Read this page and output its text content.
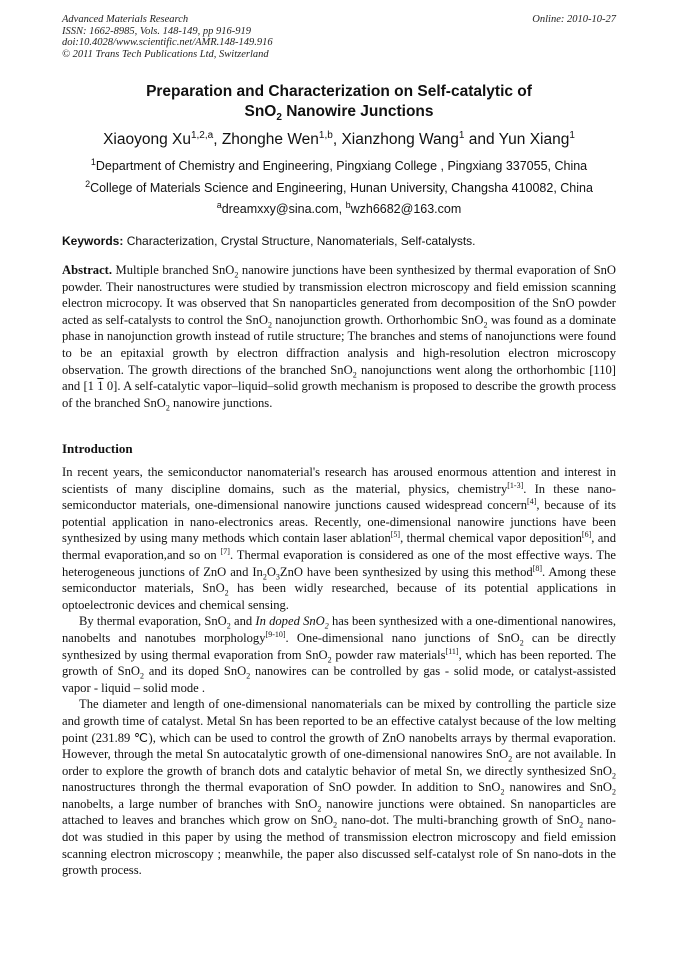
Advanced Materials Research
ISSN: 1662-8985, Vols. 148-149, pp 916-919
doi:10.4028/www.scientific.net/AMR.148-149.916
© 2011 Trans Tech Publications Ltd, Switzerland
Online: 2010-10-27
Preparation and Characterization on Self-catalytic of
SnO$_2$ Nanowire Junctions
Xiaoyong Xu$^{1,2,a}$, Zhonghe Wen$^{1,b}$, Xianzhong Wang$^1$ and Yun Xiang$^1$
$^1$Department of Chemistry and Engineering, Pingxiang College , Pingxiang 337055, China
$^2$College of Materials Science and Engineering, Hunan University, Changsha 410082, China
$^a$dreamxxy@sina.com, $^b$wzh6682@163.com
Keywords: Characterization, Crystal Structure, Nanomaterials, Self-catalysts.

Abstract. Multiple branched SnO$_2$ nanowire junctions have been synthesized by thermal evaporation of SnO powder. Their nanostructures were studied by transmission electron microscopy and field emission scanning electron microcopy. It was observed that Sn nanoparticles generated from decomposition of the SnO powder acted as self-catalysts to control the SnO$_2$ nanojunction growth. Orthorhombic SnO$_2$ was found as a dominate phase in nanojunction growth instead of rutile structure; The branches and stems of nanojunctions were found to be an epitaxial growth by electron diffraction analysis and high-resolution electron microscopy observation. The growth directions of the branched SnO$_2$ nanojunctions went along the orthorhombic [110] and [1 1 0]. A self-catalytic vapor–liquid–solid growth mechanism is proposed to describe the growth process of the branched SnO$_2$ nanowire junctions.

Introduction

In recent years, the semiconductor nanomaterial's research has aroused enormous attention and interest in scientists of many discipline domains, such as the material, physics, chemistry[1-3]. In these nano-semiconductor materials, one-dimensional nanowire junctions caused widespread concern[4], because of its potential application in nano-electronics areas. Recently, one-dimensional nanowire junctions have been synthesized by using many methods which contain laser ablation[5], thermal chemical vapor deposition[6], and thermal evaporation,and so on [7]. Thermal evaporation is considered as one of the most effective ways. The heterogeneous junctions of ZnO and $In_2O_3ZnO$ have been synthesized by using this method[8]. Among these semiconductor materials, SnO$_2$ has been widly researched, because of its potential applications in optoelectronic devices and chemical sensing.

By thermal evaporation, SnO$_2$ and In doped SnO$_2$ has been synthesized with a one-dimentional nanowires, nanobelts and nanotubes morphology[9-10]. One-dimensional nano junctions of SnO$_2$ can be directly synthesized by using thermal evaporation from SnO$_2$ powder raw materials[11], which has been reported. The growth of SnO$_2$ and its doped SnO$_2$ nanowires can be controlled by gas - solid mode, or catalyst-assisted vapor - liquid – solid mode .

The diameter and length of one-dimensional nanomaterials can be mixed by controlling the particle size and growth time of catalyst. Metal Sn has been reported to be an effective catalyst because of the low melting point (231.89 ℃), which can be used to control the growth of ZnO nanobelts arrays by thermal evaporation. However, through the metal Sn autocatalytic growth of one-dimensional nanowires SnO$_2$ are not available. In order to explore the growth of branch dots and catalytic behavior of metal Sn, we directly synthesized SnO$_2$ nanostructures throngh the thermal evaporation of SnO powder. In addition to SnO$_2$ nanowires and SnO$_2$ nanobelts, a large number of branches with SnO$_2$ nanowire junctions were obtained. Sn nanoparticles are attached to leaves and branches which grow on SnO$_2$ nano-dot. The multi-branching growth of SnO$_2$ nano-dot was studied in this paper by using the method of transmission electron microscopy and field emission scanning electron microscopy ; meanwhile, the paper also discussed self-catalyst role of Sn nano-dots in the growth process.
